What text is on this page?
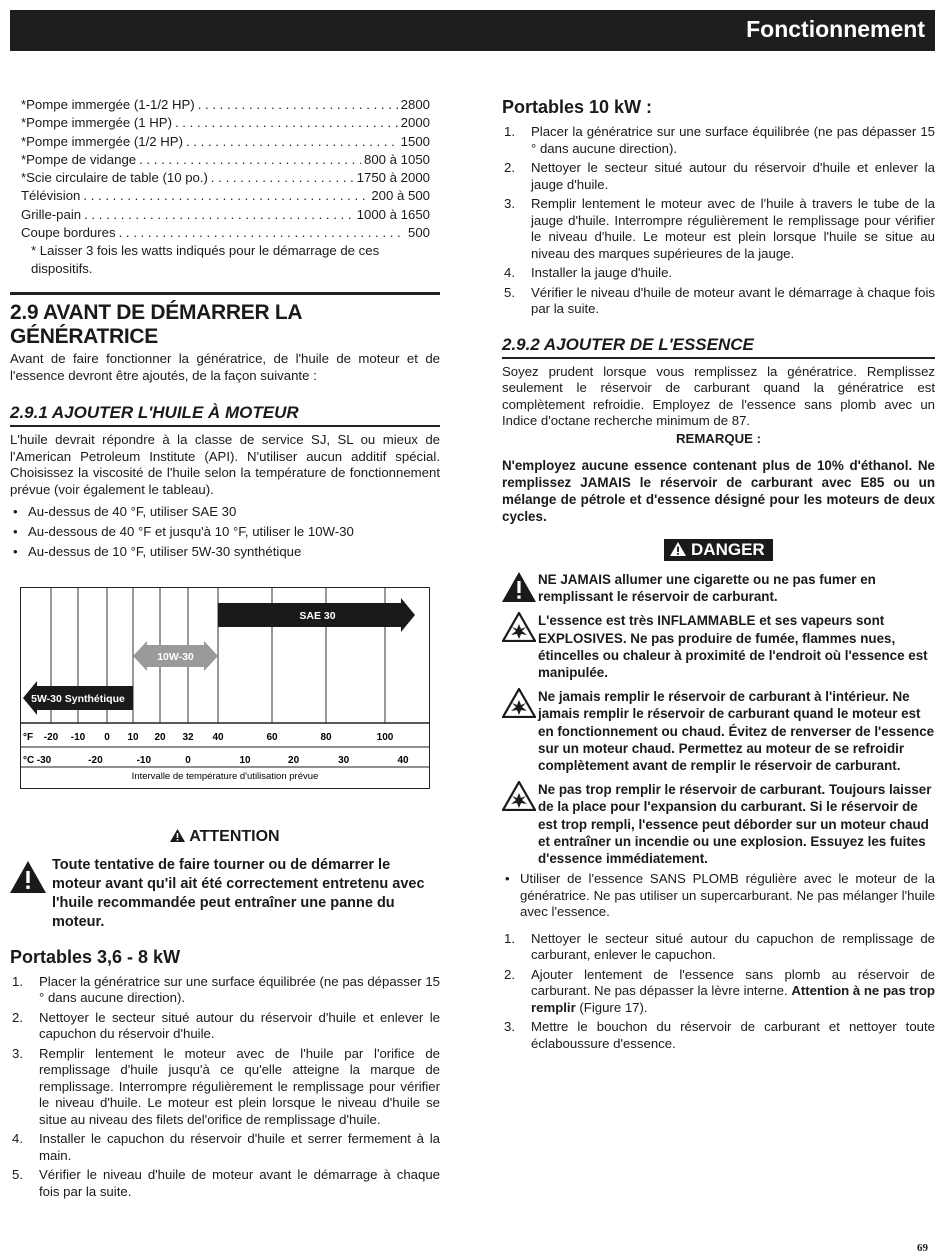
Fonctionnement
*Pompe immergée (1-1/2 HP) . . .	2800
*Pompe immergée (1 HP) . . .	2000
*Pompe immergée (1/2 HP) . . .	1500
*Pompe de vidange . . .	800 à 1050
*Scie circulaire de table (10 po.) . . .	1750 à 2000
Télévision . . .	200 à 500
Grille-pain . . .	1000 à 1650
Coupe bordures . . .	500
* Laisser 3 fois les watts indiqués pour le démarrage de ces dispositifs.
2.9 AVANT DE DÉMARRER LA GÉNÉRATRICE
Avant de faire fonctionner la génératrice, de l'huile de moteur et de l'essence devront être ajoutés, de la façon suivante :
2.9.1 AJOUTER L'HUILE À MOTEUR
L'huile devrait répondre à la classe de service SJ, SL ou mieux de l'American Petroleum Institute (API). N'utiliser aucun additif spécial. Choisissez la viscosité de l'huile selon la température de fonctionnement prévue (voir également le tableau).
• Au-dessus de 40 °F, utiliser SAE 30
• Au-dessous de 40 °F et jusqu'à 10 °F, utiliser le 10W-30
• Au-dessus de 10 °F, utiliser 5W-30 synthétique
SAE 30
10W-30
5W-30 Synthétique
°F -20 -10 0 10 20 32 40	60	80	100
°C -30	-20	-10	0	10	20	30	40
Intervalle de température d'utilisation prévue
ATTENTION
Toute tentative de faire tourner ou de démarrer le moteur avant qu'il ait été correctement entretenu avec l'huile recommandée peut entraîner une panne du moteur.
Portables 3,6 - 8 kW
1. Placer la génératrice sur une surface équilibrée (ne pas dépasser 15 ° dans aucune direction).
2. Nettoyer le secteur situé autour du réservoir d'huile et enlever le capuchon du réservoir d'huile.
3. Remplir lentement le moteur avec de l'huile par l'orifice de remplissage d'huile jusqu'à ce qu'elle atteigne la marque de remplissage. Interrompre régulièrement le remplissage pour vérifier le niveau d'huile. Le moteur est plein lorsque le niveau d'huile se situe au niveau des filets del'orifice de remplissage d'huile.
4. Installer le capuchon du réservoir d'huile et serrer fermement à la main.
5. Vérifier le niveau d'huile de moteur avant le démarrage à chaque fois par la suite.
Portables 10 kW :
1. Placer la génératrice sur une surface équilibrée (ne pas dépasser 15 ° dans aucune direction).
2. Nettoyer le secteur situé autour du réservoir d'huile et enlever la jauge d'huile.
3. Remplir lentement le moteur avec de l'huile à travers le tube de la jauge d'huile. Interrompre régulièrement le remplissage pour vérifier le niveau d'huile. Le moteur est plein lorsque l'huile se situe au niveau des marques supérieures de la jauge.
4. Installer la jauge d'huile.
5. Vérifier le niveau d'huile de moteur avant le démarrage à chaque fois par la suite.
2.9.2 AJOUTER DE L'ESSENCE
Soyez prudent lorsque vous remplissez la génératrice. Remplissez seulement le réservoir de carburant quand la génératrice est complètement refroidie. Employez de l'essence sans plomb avec un Indice d'octane recherche minimum de 87.
REMARQUE :
N'employez aucune essence contenant plus de 10% d'éthanol. Ne remplissez JAMAIS le réservoir de carburant avec E85 ou un mélange de pétrole et d'essence désigné pour les moteurs de deux cycles.
DANGER
NE JAMAIS allumer une cigarette ou ne pas fumer en remplissant le réservoir de carburant.
L'essence est très INFLAMMABLE et ses vapeurs sont EXPLOSIVES. Ne pas produire de fumée, flammes nues, étincelles ou chaleur à proximité de l'endroit où l'essence est manipulée.
Ne jamais remplir le réservoir de carburant à l'intérieur. Ne jamais remplir le réservoir de carburant quand le moteur est en fonctionnement ou chaud. Évitez de renverser de l'essence sur un moteur chaud. Permettez au moteur de se refroidir complètement avant de remplir le réservoir de carburant.
Ne pas trop remplir le réservoir de carburant. Toujours laisser de la place pour l'expansion du carburant. Si le réservoir de est trop rempli, l'essence peut déborder sur un moteur chaud et entraîner un incendie ou une explosion. Essuyez les fuites d'essence immédiatement.
• Utiliser de l'essence SANS PLOMB régulière avec le moteur de la génératrice. Ne pas utiliser un supercarburant. Ne pas mélanger l'huile avec l'essence.
1. Nettoyer le secteur situé autour du capuchon de remplissage de carburant, enlever le capuchon.
2. Ajouter lentement de l'essence sans plomb au réservoir de carburant. Ne pas dépasser la lèvre interne. Attention à ne pas trop remplir (Figure 17).
3. Mettre le bouchon du réservoir de carburant et nettoyer toute éclaboussure d'essence.
69
